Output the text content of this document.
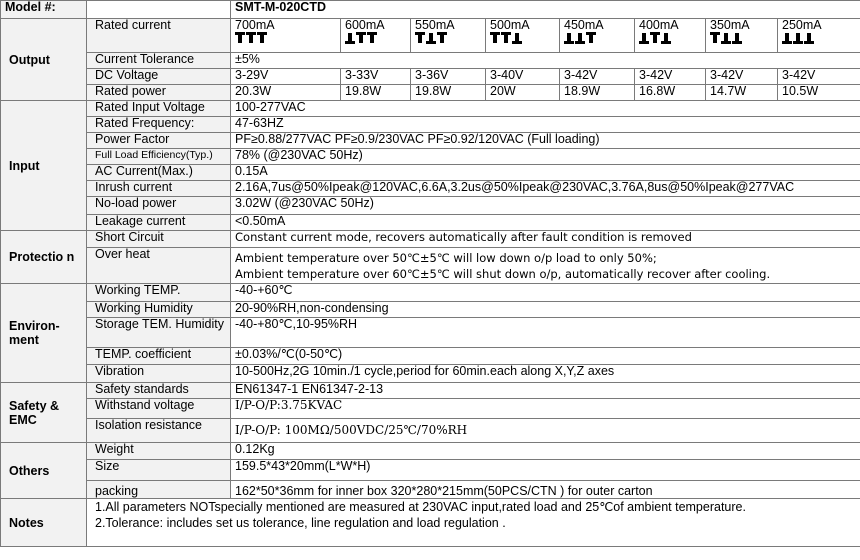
Model #:		SMT-M-020CTD							
Output	Rated current	700mA	600mA	550mA	500mA	450mA	400mA	350mA	250mA

	Current Tolerance	±5%							
	DC Voltage	3-29V	3-33V	3-36V	3-40V	3-42V	3-42V	3-42V	3-42V
	Rated power	20.3W	19.8W	19.8W	20W	18.9W	16.8W	14.7W	10.5W
Input	Rated Input Voltage	100-277VAC							
	Rated Frequency:	47-63HZ							
	Power Factor	PF≥0.88/277VAC PF≥0.9/230VAC PF≥0.92/120VAC (Full loading)							
	Full Load Efficiency(Typ.)	78% (@230VAC 50Hz)							
	AC Current(Max.)	0.15A							
	Inrush current	2.16A,7us@50%Ipeak@120VAC,6.6A,3.2us@50%Ipeak@230VAC,3.76A,8us@50%Ipeak@277VAC							
	No-load power	3.02W (@230VAC 50Hz)							
	Leakage current	<0.50mA							
Protectio n	Short Circuit	Constant current mode, recovers automatically after fault condition is removed							
	Over heat	Ambient temperature over 50℃±5℃ will low down o/p load to only 50%;
Ambient temperature over 60℃±5℃ will shut down o/p, automatically recover after cooling.							

Environ- ment	Working TEMP.	-40-+60℃							
	Working Humidity	20-90%RH,non-condensing							
	Storage TEM. Humidity	-40-+80℃,10-95%RH							
	TEMP. coefficient	±0.03%/℃(0-50℃)							
	Vibration	10-500Hz,2G 10min./1 cycle,period for 60min.each along X,Y,Z axes							
Safety & EMC	Safety standards	EN61347-1 EN61347-2-13							
	Withstand voltage	I/P-O/P:3.75KVAC							
	Isolation resistance	I/P-O/P: 100MΩ/500VDC/25℃/70%RH							
Others	Weight	0.12Kg							
	Size	159.5*43*20mm(L*W*H)							
	packing	162*50*36mm for inner box 320*280*215mm(50PCS/CTN ) for outer carton							
Notes	1.All parameters NOTspecially mentioned are measured at 230VAC input,rated load and 25℃of ambient temperature.
2.Tolerance: includes set us tolerance, line regulation and load regulation .								
